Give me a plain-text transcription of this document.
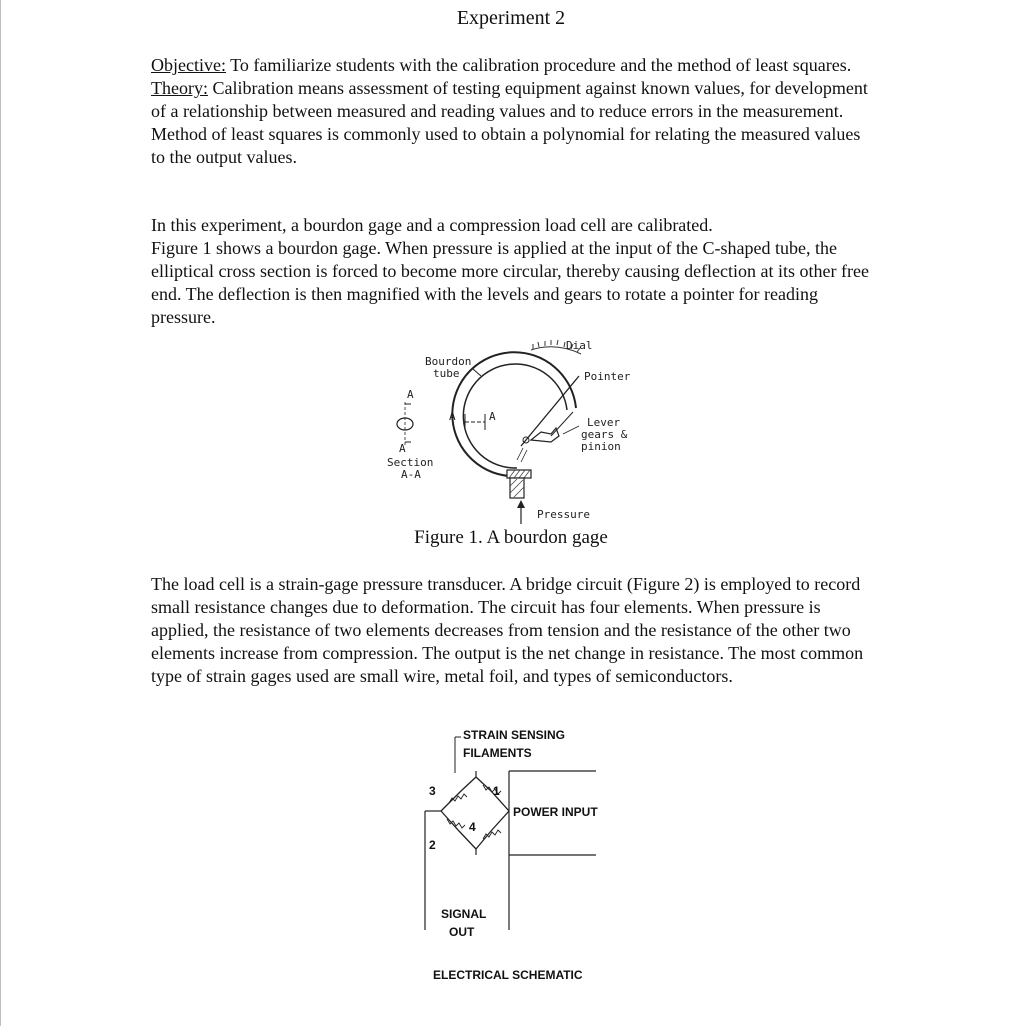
Experiment 2

Objective: To familiarize students with the calibration procedure and the method of least squares.

Theory: Calibration means assessment of testing equipment against known values, for development of a relationship between measured and reading values and to reduce errors in the measurement. Method of least squares is commonly used to obtain a polynomial for relating the measured values to the output values.

In this experiment, a bourdon gage and a compression load cell are calibrated.

Figure 1 shows a bourdon gage. When pressure is applied at the input of the C-shaped tube, the elliptical cross section is forced to become more circular, thereby causing deflection at its other free end. The deflection is then magnified with the levels and gears to rotate a pointer for reading pressure.

Dial
Pressure
A	A
A
A
Section
A-A
Bourdon
tube	Pointer
Lever
gears &
pinion
Figure 1. A bourdon gage

The load cell is a strain-gage pressure transducer. A bridge circuit (Figure 2) is employed to record small resistance changes due to deformation. The circuit has four elements. When pressure is applied, the resistance of two elements decreases from tension and the resistance of the other two elements increase from compression. The output is the net change in resistance. The most common type of strain gages used are small wire, metal foil, and types of semiconductors.

STRAIN SENSING
FILAMENTS
3	1
2
4
POWER INPUT
SIGNAL
OUT
ELECTRICAL SCHEMATIC
